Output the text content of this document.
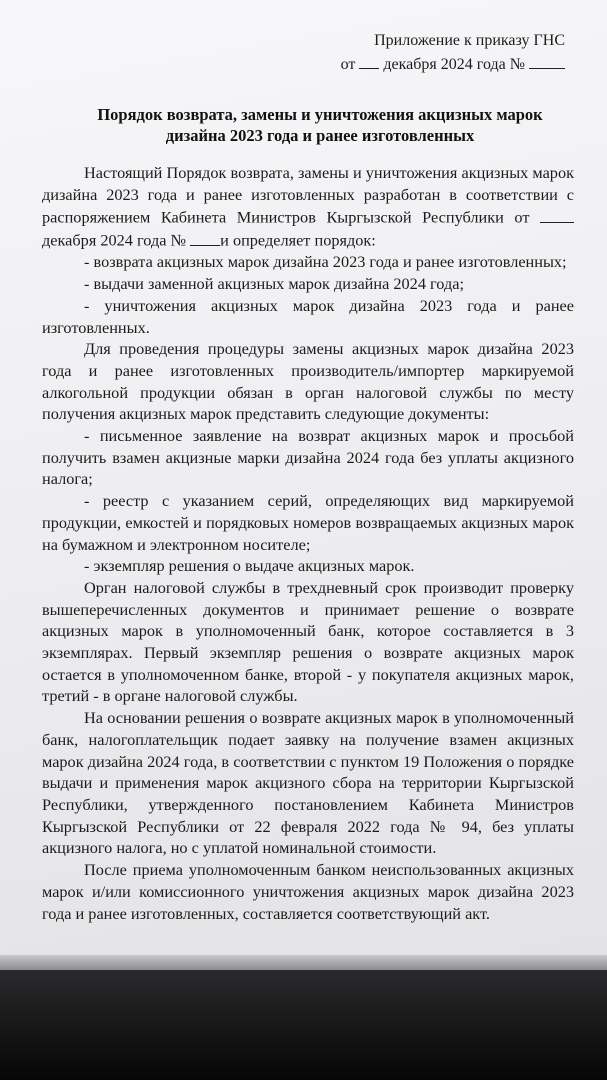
Приложение к приказу ГНС
от декабря 2024 года №
Порядок возврата, замены и уничтожения акцизных марок
дизайна 2023 года и ранее изготовленных

Настоящий Порядок возврата, замены и уничтожения акцизных марок дизайна 2023 года и ранее изготовленных разработан в соответствии с распоряжением Кабинета Министров Кыргызской Республики от  декабря 2024 года № и определяет порядок:

- возврата акцизных марок дизайна 2023 года и ранее изготовленных;

- выдачи заменной акцизных марок дизайна 2024 года;

- уничтожения акцизных марок дизайна 2023 года и ранее изготовленных.

Для проведения процедуры замены акцизных марок дизайна 2023 года и ранее изготовленных производитель/импортер маркируемой алкогольной продукции обязан в орган налоговой службы по месту получения акцизных марок представить следующие документы:

- письменное заявление на возврат акцизных марок и просьбой получить взамен акцизные марки дизайна 2024 года без уплаты акцизного налога;

- реестр с указанием серий, определяющих вид маркируемой продукции, емкостей и порядковых номеров возвращаемых акцизных марок на бумажном и электронном носителе;

- экземпляр решения о выдаче акцизных марок.

Орган налоговой службы в трехдневный срок производит проверку вышеперечисленных документов и принимает решение о возврате акцизных марок в уполномоченный банк, которое составляется в 3 экземплярах. Первый экземпляр решения о возврате акцизных марок остается в уполномоченном банке, второй - у покупателя акцизных марок, третий - в органе налоговой службы.

На основании решения о возврате акцизных марок в уполномоченный банк, налогоплательщик подает заявку на получение взамен акцизных марок дизайна 2024 года, в соответствии с пунктом 19 Положения о порядке выдачи и применения марок акцизного сбора на территории Кыргызской Республики, утвержденного постановлением Кабинета Министров Кыргызской Республики от 22 февраля 2022 года № 94, без уплаты акцизного налога, но с уплатой номинальной стоимости.

После приема уполномоченным банком неиспользованных акцизных марок и/или комиссионного уничтожения акцизных марок дизайна 2023 года и ранее изготовленных, составляется соответствующий акт.
